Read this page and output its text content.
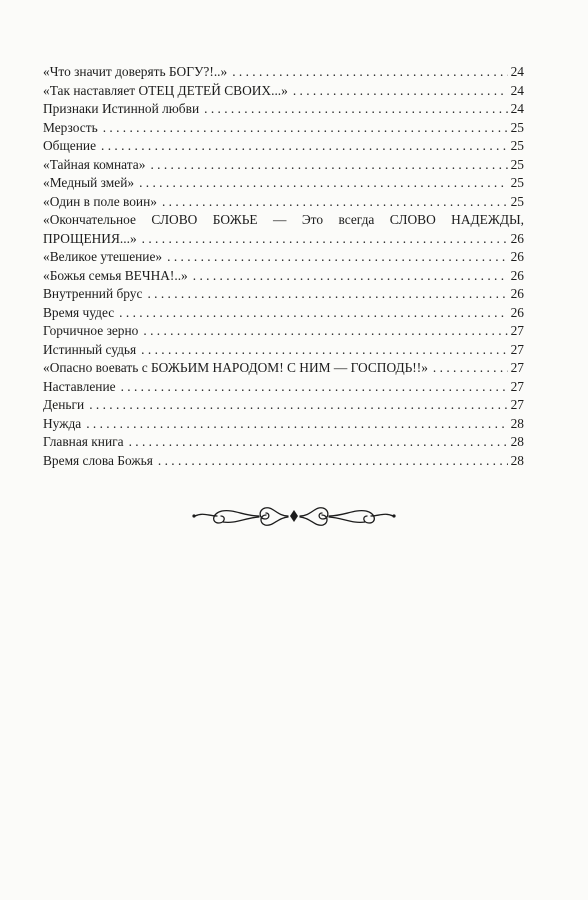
«Что значит доверять БОГУ?!..» . . .	24
«Так наставляет ОТЕЦ ДЕТЕЙ СВОИХ...» . . .	24
Признаки Истинной любви . . .	24
Мерзость . . .	25
Общение . . .	25
«Тайная комната» . . .	25
«Медный змей» . . .	25
«Один в поле воин» . . .	25
«Окончательное СЛОВО БОЖЬЕ — Это всегда СЛОВО НАДЕЖДЫ,
ПРОЩЕНИЯ...» . . .	26
«Великое утешение» . . .	26
«Божья семья ВЕЧНА!..» . . .	26
Внутренний брус . . .	26
Время чудес . . .	26
Горчичное зерно . . .	27
Истинный судья . . .	27
«Опасно воевать с БОЖЬИМ НАРОДОМ! С НИМ — ГОСПОДЬ!!» . . .	27
Наставление . . .	27
Деньги . . .	27
Нужда . . .	28
Главная книга . . .	28
Время слова Божья . . .	28
